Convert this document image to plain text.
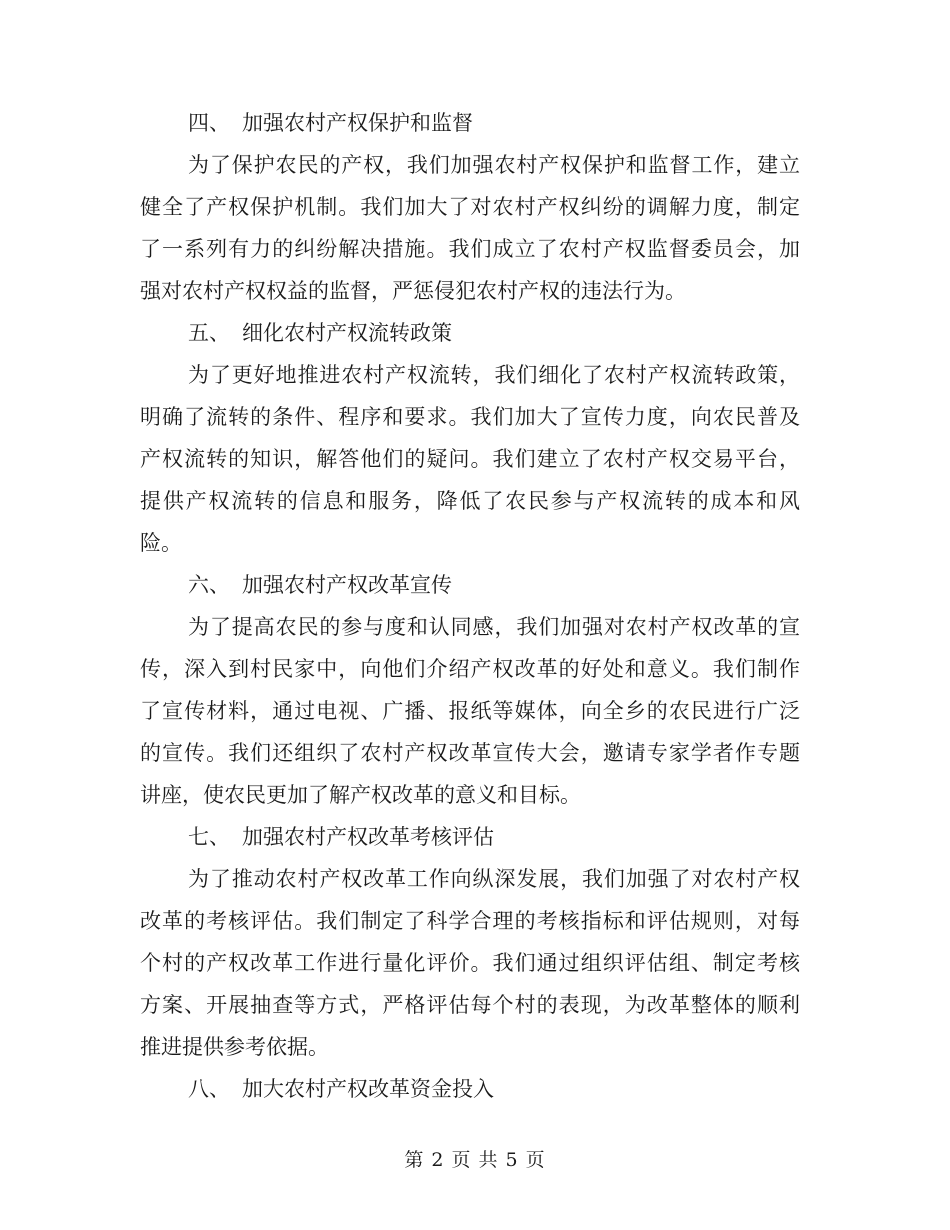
四、 加强农村产权保护和监督
为了保护农民的产权，我们加强农村产权保护和监督工作，建立
健全了产权保护机制。我们加大了对农村产权纠纷的调解力度，制定
了一系列有力的纠纷解决措施。我们成立了农村产权监督委员会，加
强对农村产权权益的监督，严惩侵犯农村产权的违法行为。
五、 细化农村产权流转政策
为了更好地推进农村产权流转，我们细化了农村产权流转政策，
明确了流转的条件、程序和要求。我们加大了宣传力度，向农民普及
产权流转的知识，解答他们的疑问。我们建立了农村产权交易平台，
提供产权流转的信息和服务，降低了农民参与产权流转的成本和风
险。
六、 加强农村产权改革宣传
为了提高农民的参与度和认同感，我们加强对农村产权改革的宣
传，深入到村民家中，向他们介绍产权改革的好处和意义。我们制作
了宣传材料，通过电视、广播、报纸等媒体，向全乡的农民进行广泛
的宣传。我们还组织了农村产权改革宣传大会，邀请专家学者作专题
讲座，使农民更加了解产权改革的意义和目标。
七、 加强农村产权改革考核评估
为了推动农村产权改革工作向纵深发展，我们加强了对农村产权
改革的考核评估。我们制定了科学合理的考核指标和评估规则，对每
个村的产权改革工作进行量化评价。我们通过组织评估组、制定考核
方案、开展抽查等方式，严格评估每个村的表现，为改革整体的顺利
推进提供参考依据。
八、 加大农村产权改革资金投入
第 2 页 共 5 页
